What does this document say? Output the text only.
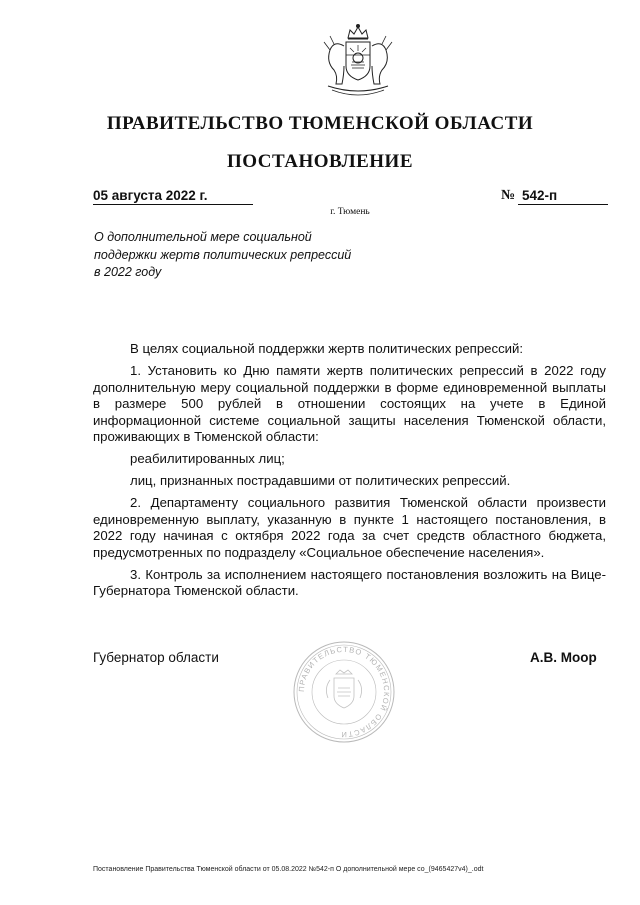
ПРАВИТЕЛЬСТВО ТЮМЕНСКОЙ ОБЛАСТИ
ПОСТАНОВЛЕНИЕ
05 августа 2022 г.	№ 542-п
г. Тюмень
О дополнительной мере социальной поддержки жертв политических репрессий в 2022 году

В целях социальной поддержки жертв политических репрессий:

1. Установить ко Дню памяти жертв политических репрессий в 2022 году дополнительную меру социальной поддержки в форме единовременной выплаты в размере 500 рублей в отношении состоящих на учете в Единой информационной системе социальной защиты населения Тюменской области, проживающих в Тюменской области:

реабилитированных лиц;

лиц, признанных пострадавшими от политических репрессий.

2. Департаменту социального развития Тюменской области произвести единовременную выплату, указанную в пункте 1 настоящего постановления, в 2022 году начиная с октября 2022 года за счет средств областного бюджета, предусмотренных по подразделу «Социальное обеспечение населения».

3. Контроль за исполнением настоящего постановления возложить на Вице-Губернатора Тюменской области.

Губернатор области	А.В. Моор
ПРАВИТЕЛЬСТВО ТЮМЕНСКОЙ ОБЛАСТИ
Постановление Правительства Тюменской области от 05.08.2022 №542-п О дополнительной мере со_(9465427v4)_.odt
